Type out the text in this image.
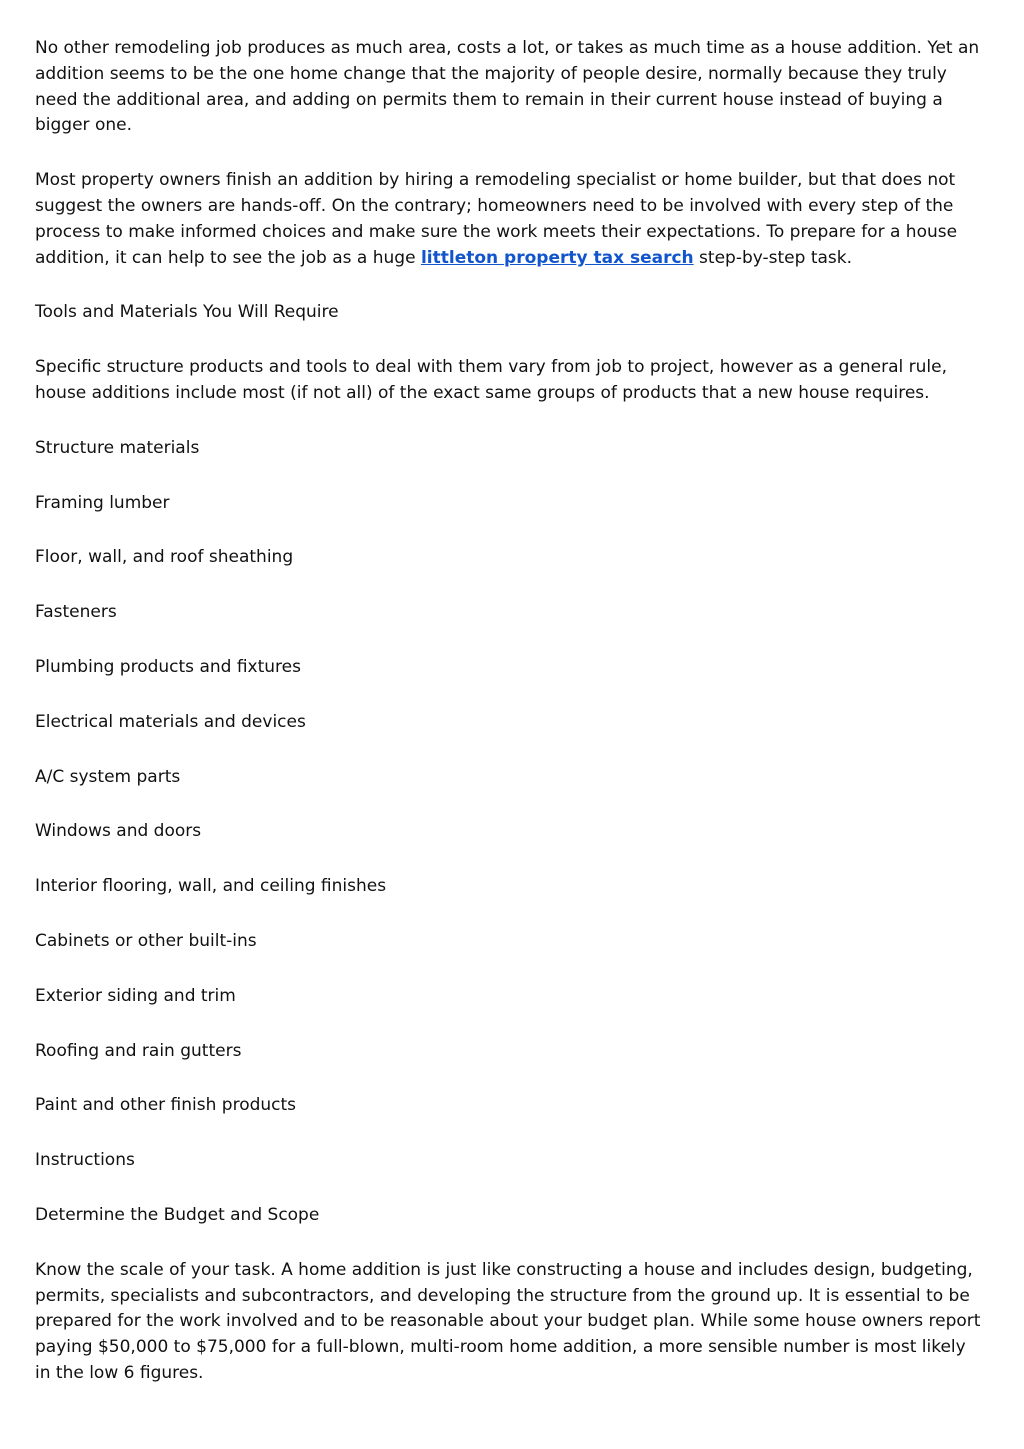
No other remodeling job produces as much area, costs a lot, or takes as much time as a house addition. Yet an addition seems to be the one home change that the majority of people desire, normally because they truly need the additional area, and adding on permits them to remain in their current house instead of buying a bigger one.

Most property owners finish an addition by hiring a remodeling specialist or home builder, but that does not suggest the owners are hands-off. On the contrary; homeowners need to be involved with every step of the process to make informed choices and make sure the work meets their expectations. To prepare for a house addition, it can help to see the job as a huge littleton property tax search step-by-step task.

Tools and Materials You Will Require

Specific structure products and tools to deal with them vary from job to project, however as a general rule, house additions include most (if not all) of the exact same groups of products that a new house requires.

Structure materials

Framing lumber

Floor, wall, and roof sheathing

Fasteners

Plumbing products and fixtures

Electrical materials and devices

A/C system parts

Windows and doors

Interior flooring, wall, and ceiling finishes

Cabinets or other built-ins

Exterior siding and trim

Roofing and rain gutters

Paint and other finish products

Instructions

Determine the Budget and Scope

Know the scale of your task. A home addition is just like constructing a house and includes design, budgeting, permits, specialists and subcontractors, and developing the structure from the ground up. It is essential to be prepared for the work involved and to be reasonable about your budget plan. While some house owners report paying $50,000 to $75,000 for a full-blown, multi-room home addition, a more sensible number is most likely in the low 6 figures.
